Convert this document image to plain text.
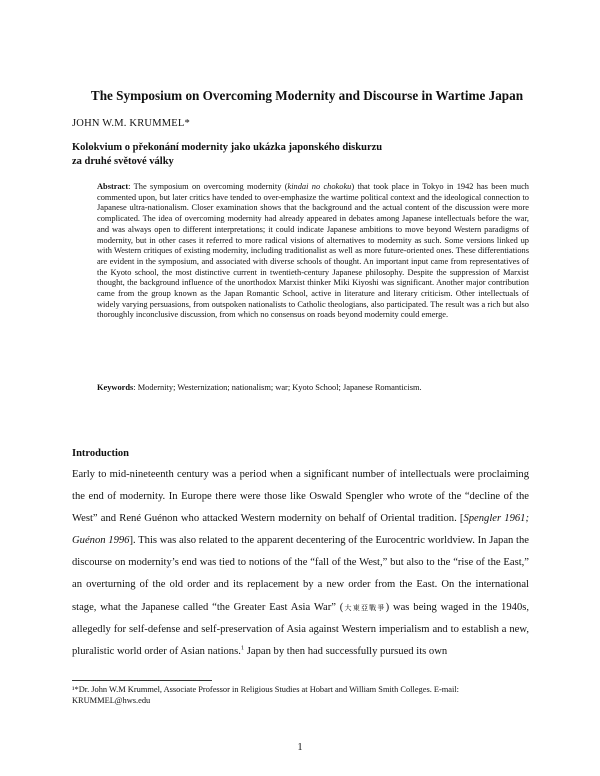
The Symposium on Overcoming Modernity and Discourse in Wartime Japan
JOHN W.M. KRUMMEL*
Kolokvium o překonání modernity jako ukázka japonského diskurzu
za druhé světové války
Abstract: The symposium on overcoming modernity (kindai no chokoku) that took place in Tokyo in 1942 has been much commented upon, but later critics have tended to over-emphasize the wartime political context and the ideological connection to Japanese ultra-nationalism. Closer examination shows that the background and the actual content of the discussion were more complicated. The idea of overcoming modernity had already appeared in debates among Japanese intellectuals before the war, and was always open to different interpretations; it could indicate Japanese ambitions to move beyond Western paradigms of modernity, but in other cases it referred to more radical visions of alternatives to modernity as such. Some versions linked up with Western critiques of existing modernity, including traditionalist as well as more future-oriented ones. These differentiations are evident in the symposium, and associated with diverse schools of thought. An important input came from representatives of the Kyoto school, the most distinctive current in twentieth-century Japanese philosophy. Despite the suppression of Marxist thought, the background influence of the unorthodox Marxist thinker Miki Kiyoshi was significant. Another major contribution came from the group known as the Japan Romantic School, active in literature and literary criticism. Other intellectuals of widely varying persuasions, from outspoken nationalists to Catholic theologians, also participated. The result was a rich but also thoroughly inconclusive discussion, from which no consensus on roads beyond modernity could emerge.
Keywords: Modernity; Westernization; nationalism; war; Kyoto School; Japanese Romanticism.
Introduction
Early to mid-nineteenth century was a period when a significant number of intellectuals were proclaiming the end of modernity. In Europe there were those like Oswald Spengler who wrote of the “decline of the West” and René Guénon who attacked Western modernity on behalf of Oriental tradition. [Spengler 1961; Guénon 1996]. This was also related to the apparent decentering of the Eurocentric worldview. In Japan the discourse on modernity’s end was tied to notions of the “fall of the West,” but also to the “rise of the East,” an overturning of the old order and its replacement by a new order from the East. On the international stage, what the Japanese called “the Greater East Asia War” (大東亞戰爭) was being waged in the 1940s, allegedly for self-defense and self-preservation of Asia against Western imperialism and to establish a new, pluralistic world order of Asian nations.$^1$ Japan by then had successfully pursued its own
¹*Dr. John W.M Krummel, Associate Professor in Religious Studies at Hobart and William Smith Colleges. E-mail: KRUMMEL@hws.edu
1
